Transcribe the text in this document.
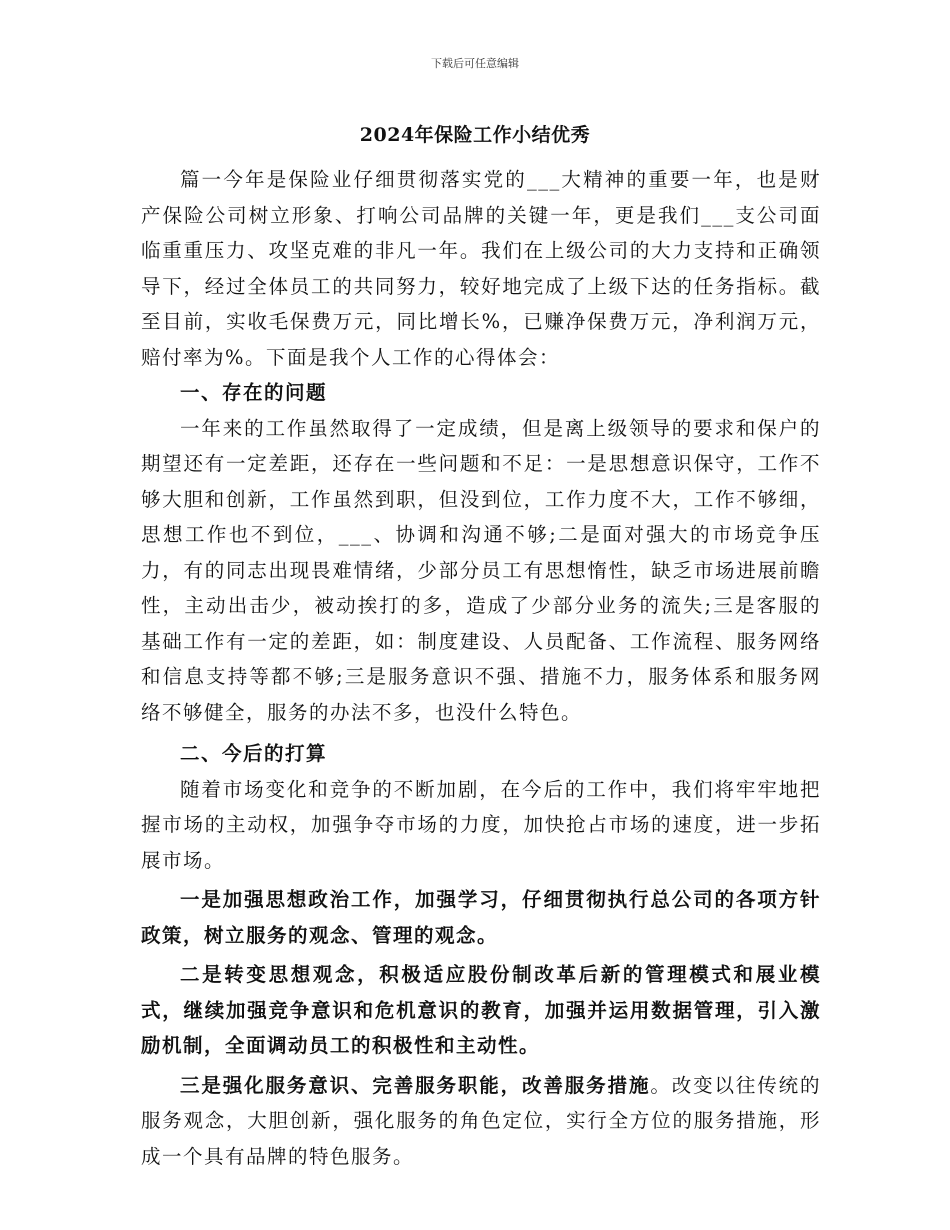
下载后可任意编辑
2024年保险工作小结优秀

篇一今年是保险业仔细贯彻落实党的___大精神的重要一年，也是财产保险公司树立形象、打响公司品牌的关键一年，更是我们___支公司面临重重压力、攻坚克难的非凡一年。我们在上级公司的大力支持和正确领导下，经过全体员工的共同努力，较好地完成了上级下达的任务指标。截至目前，实收毛保费万元，同比增长%，已赚净保费万元，净利润万元，赔付率为%。下面是我个人工作的心得体会：

一、存在的问题

一年来的工作虽然取得了一定成绩，但是离上级领导的要求和保户的期望还有一定差距，还存在一些问题和不足：一是思想意识保守，工作不够大胆和创新，工作虽然到职，但没到位，工作力度不大，工作不够细，思想工作也不到位，___、协调和沟通不够;二是面对强大的市场竞争压力，有的同志出现畏难情绪，少部分员工有思想惰性，缺乏市场进展前瞻性，主动出击少，被动挨打的多，造成了少部分业务的流失;三是客服的基础工作有一定的差距，如：制度建设、人员配备、工作流程、服务网络和信息支持等都不够;三是服务意识不强、措施不力，服务体系和服务网络不够健全，服务的办法不多，也没什么特色。

二、今后的打算

随着市场变化和竞争的不断加剧，在今后的工作中，我们将牢牢地把握市场的主动权，加强争夺市场的力度，加快抢占市场的速度，进一步拓展市场。

一是加强思想政治工作，加强学习，仔细贯彻执行总公司的各项方针政策，树立服务的观念、管理的观念。

二是转变思想观念，积极适应股份制改革后新的管理模式和展业模式，继续加强竞争意识和危机意识的教育，加强并运用数据管理，引入激励机制，全面调动员工的积极性和主动性。

三是强化服务意识、完善服务职能，改善服务措施。改变以往传统的服务观念，大胆创新，强化服务的角色定位，实行全方位的服务措施，形成一个具有品牌的特色服务。
